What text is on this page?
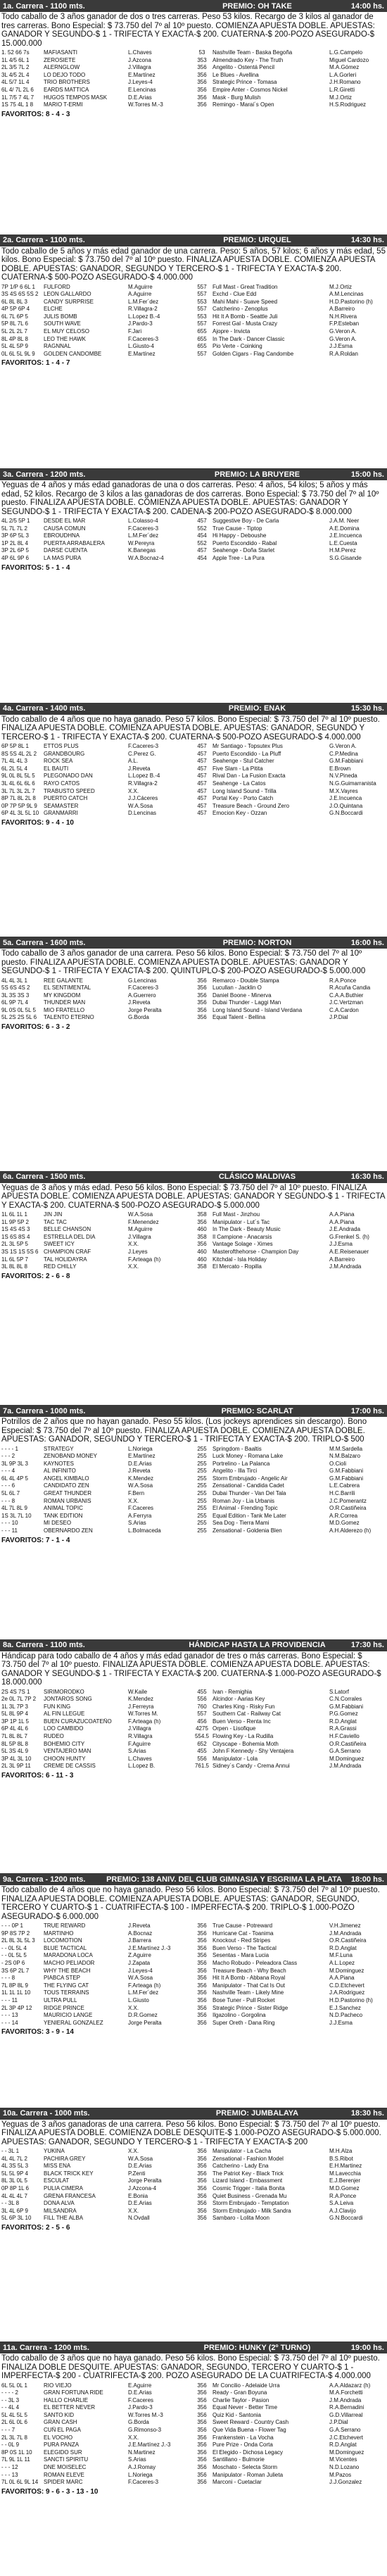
1a. Carrera - 1100 mts.	PREMIO: OH TAKE	14:00 hs.
Todo caballo de 3 años ganador de dos o tres carreras. Peso 53 kilos. Recargo de 3 kilos al ganador de tres carreras. Bono Especial: $ 73.750 del 7º al 10º puesto. COMIENZA APUESTA DOBLE. APUESTAS: GANADOR Y SEGUNDO-$ 1 - TRIFECTA Y EXACTA-$ 200. CUATERNA-$ 200-POZO ASEGURADO-$ 15.000.000
1. 52 66 7s	MAFIASANTI	L.Chaves	53	Nashville Team - Baska Begoña	L.G.Campelo
1L 4/5 6L 1	ZEROSIETE	J.Azcona	353	Almendrado Key - The Truth	Miguel Cardozo
2L 3/5 7L 2	ALERNGLOW	J.Villagra	356	Angelito - Ostentá Pencil	M.A.Gómez
3L 4/5 2L 4	LO DEJO TODO	E.Martínez	356	Le Blues - Avellina	L.A.Gorleri
4L 5/7 1L 4	TRIO BROTHERS	J.Leyes-4	356	Strategic Prince - Tomasa	J.H.Romano
6L 4/ 7L 2L 6	EARDS MATTICA	E.Lencinas	356	Empire Anter - Cosmos Nickel	L.R.Giretti
1L 7/5 7 4L 7	HUGOS TEMPOS MASK	D.E.Arias	356	Mask - Burg Mulish	M.J.Ortiz
1S 75 4L 1 8	MARIO T-ERMI	W.Torres M.-3	356	Remingo - Marai´s Open	H.S.Rodriguez
FAVORITOS: 8 - 4 - 3
2a. Carrera - 1100 mts.	PREMIO: URQUEL	14:30 hs.
Todo caballo de 5 años y más edad ganador de una carrera. Peso: 5 años, 57 kilos; 6 años y más edad, 55 kilos. Bono Especial: $ 73.750 del 7º al 10º puesto. FINALIZA APUESTA DOBLE. COMIENZA APUESTA DOBLE. APUESTAS: GANADOR, SEGUNDO Y TERCERO-$ 1 - TRIFECTA Y EXACTA-$ 200. CUATERNA-$ 500-POZO ASEGURADO-$ 4.000.000
7P 1/P 6 6L 1	FULFORD	M.Aguirre	557	Full Mast - Great Tradition	M.J.Ortiz
3S 4S 6S 5S 2 LEON GALLARDO	A.Aguirre	557	Exchd - Clue Edd	A.M.Lencinas
6L 8L 8L 3	CANDY SURPRISE	L.M.Fer´dez	553	Mahi Mahi - Suave Speed	H.D.Pastorino (h)
4P 5P 6P 4	ELCHE	R.Villagra-2	557	Catcherino - Zenoplus	A.Barreiro
6L 7L 6P 5	JULIS BOMB	L.Lopez B.-4	553	Hit It A Bomb - Seattle Juli	N.H.Rivera
5P 8L 7L 6	SOUTH WAVE	J.Pardo-3	557	Forrest Gal - Musta Crazy	F.P.Esteban
5L 2L 2L 7	EL MUY CELOSO	F.Jari	655	Ajopre - Invicta	G.Veron A.
8L 4P 8L 8	LEO THE HAWK	F.Caceres-3	655	In The Dark - Dancer Classic	G.Veron A.
5L 4L 5P 9	RAGNNAL	L.Giusto-4	655	Pio Verte - Coinking	J.J.Esma
0L 6L 5L 9L 9	GOLDEN CANDOMBE	E.Martínez	557	Golden Cigars - Flag Candombe	R.A.Roldan
FAVORITOS: 1 - 4 - 7
3a. Carrera - 1200 mts.	PREMIO: LA BRUYERE	15:00 hs.
Yeguas de 4 años y más edad ganadoras de una o dos carreras. Peso: 4 años, 54 kilos; 5 años y más edad, 52 kilos. Recargo de 3 kilos a las ganadoras de dos carreras. Bono Especial: $ 73.750 del 7º al 10º puesto. FINALIZA APUESTA DOBLE. COMIENZA APUESTA DOBLE. APUESTAS: GANADOR Y SEGUNDO-$ 1 - TRIFECTA Y EXACTA-$ 200. CADENA-$ 200-POZO ASEGURADO-$ 8.000.000
4L 2/5 5P 1	DESDE EL MAR	L.Colasso-4	457	Suggestive Boy - De Carla	J.A.M. Neer
5L 7L 7L 2	CAUSA COMUN	F.Caceres-3	552	True Cause - Tiptop	A.E.Domina
3P 6P 5L 3	EBROUDHNA	L.M.Fer´dez	454	Hi Happy - Deboushe	J.E.Incuenca
1P 2L 8L 4	PUERTA ARRABALERA	W.Pereyra	552	Puerto Escondido - Rabal	L.E.Cuesta
3P 2L 6P 5	DARSE CUENTA	K.Banegas	457	Seahenge - Doña Starlet	H.M.Perez
4P 6L 9P 6	LA MAS PURA	W.A.Bocnaz-4	454	Apple Tree - La Pura	S.G.Gisande
FAVORITOS: 5 - 1 - 4
4a. Carrera - 1400 mts.	PREMIO: ENAK	15:30 hs.
Todo caballo de 4 años que no haya ganado. Peso 57 kilos. Bono Especial: $ 73.750 del 7º al 10º puesto. FINALIZA APUESTA DOBLE. COMIENZA APUESTA DOBLE. APUESTAS: GANADOR, SEGUNDO Y TERCERO-$ 1 - TRIFECTA Y EXACTA-$ 200. CUATERNA-$ 500-POZO ASEGURADO-$ 4.000.000
6P 5P 8L 1	ETTOS PLUS	F.Caceres-3	457	Mr Santiago - Topsutex Plus	G.Veron A.
8S 5S 4L 2L 2	GRANDBOURG	C.Perez G.	457	Puerto Escondido - La Pluff	C.P.Medina
7L 4L 4L 3	ROCK SEA	A.L.	457	Seahenge - Stul Catcher	G.M.Fabbiani
6L 2L 5L 4	EL BAUTI	J.Reveta	457	Five Slam - La Pitita	E.Brown
9L 0L 8L 5L 5	PLEGONADO DAN	L.Lopez B.-4	457	Rival Dan - La Fusion Exacta	N.V.Pineda
3L 4L 6L 6L 6	RAYO CATOS	R.Villagra-2	457	Seahenge - La Catos	N.G.Guimarranista
3L 7L 3L 2L 7	TRABUSTO SPEED	X.X.	457	Long Island Sound - Trilla	M.X.Vayres
8P 7L 8L 2L 8	PUERTO CATCH	J.J.Cáceres	457	Portal Key - Porto Catch	J.E.Incuenca
0P 7P 5P 9L 9	SEAMASTER	W.A.Sosa	457	Treasure Beach - Ground Zero	J.O.Quintana
6P 4L 3L 5L 10 GRANMARRI	D.Lencinas	457	Emocion Key - Ozzan	G.N.Boccardi
FAVORITOS: 9 - 4 - 10
5a. Carrera - 1600 mts.	PREMIO: NORTON	16:00 hs.
Todo caballo de 3 años ganador de una carrera. Peso 56 kilos. Bono Especial: $ 73.750 del 7º al 10º puesto. FINALIZA APUESTA DOBLE. COMIENZA APUESTA DOBLE. APUESTAS: GANADOR Y SEGUNDO-$ 1 - TRIFECTA Y EXACTA-$ 200. QUINTUPLO-$ 200-POZO ASEGURADO-$ 5.000.000
4L 4L 3L 1	REE GALANTE	G.Lencinas	356	Remarco - Double Stampa	R.A.Ponce
5S 6S 4S 2	EL SENTIMENTAL	F.Caceres-3	356	Lucullan - Jacklin O	R.Acuña Candia
3L 3S 3S 3	MY KINGDOM	A.Guerrero	356	Daniel Boone - Minerva	C.A.A.Buthier
6L 9P 7L 4	THUNDER MAN	J.Reveta	356	Dubai Thunder - Laggi Man	J.C.Vertzman
9L 0S 0L 5L 5	MIO FRATELLO	Jorge Peralta	356	Long Island Sound - Island Verdana	C.A.Cardon
5L 2S 2S 5L 6	TALENTO ETERNO	G.Borda	356	Equal Talent - Bellina	J.P.Dial
FAVORITOS: 6 - 3 - 2
6a. Carrera - 1500 mts.	CLÁSICO MALDIVAS	16:30 hs.
Yeguas de 3 años y más edad. Peso 56 kilos. Bono Especial: $ 73.750 del 7º al 10º puesto. FINALIZA APUESTA DOBLE. COMIENZA APUESTA DOBLE. APUESTAS: GANADOR Y SEGUNDO-$ 1 - TRIFECTA Y EXACTA-$ 200. CUATERNA-$ 500-POZO ASEGURADO-$ 5.000.000
1L 6L 1L 1	JIN JIN	W.A.Sosa	358	Full Mast - Jinzhou	A.A.Piana
1L 9P 5P 2	TAC TAC	F.Menendez	356	Manipulator - Lut´s Tac	A.A.Piana
1S 4S 4S 3	BELLE CHANSON	M.Aguirre	460	In The Dark - Beauty Music	J.E.Andrada
1S 6S 8S 4	ESTRELLA DEL DIA	J.Villagra	358	Il Campione - Anacarsis	G.Frenkel S. (h)
2L 3L 5P 5	SWEET ICY	X.X.	356	Vantage Solage - Ximes	J.J.Esma
3S 1S 1S 5S 6 CHAMPION CRAF	J.Leyes	460	Masterofthehorse - Champion Day	A.E.Reisenauer
1L 6L 5P 7	TAL HOLIDAYRA	F.Arteaga (h)	460	Kitchdal - Isla Holiday	A.Barreiro
3L 8L 8L 8	RED CHILLY	X.X.	358	El Mercato - Ropilla	J.M.Andrada
FAVORITOS: 2 - 6 - 8
7a. Carrera - 1000 mts.	PREMIO: SCARLAT	17:00 hs.
Potrillos de 2 años que no hayan ganado. Peso 55 kilos. (Los jockeys aprendices sin descargo). Bono Especial: $ 73.750 del 7º al 10º puesto. FINALIZA APUESTA DOBLE. COMIENZA APUESTA DOBLE. APUESTAS: GANADOR, SEGUNDO Y TERCERO-$ 1 - TRIFECTA Y EXACTA-$ 200. TRIPLO-$ 500
- - - - 1	STRATEGY	L.Noriega	255	Springdom - Baaltis	M.M.Sardella
- - - 2	ZENOBAND MONEY	E.Martínez	255	Luck Money - Romana Lake	N.M.Balzaro
3L 9P 3L 3	KAYNOTES	D.E.Arias	255	Portrelino - La Palanca	O.Cioli
- - - 4	AL INFINITO	J.Reveta	255	Angelito - Illa Tirci	G.M.Fabbiani
6L 4L 4P 5	ANGEL KIMBALO	K.Mendez	255	Storm Embrujado - Angelic Air	G.M.Fabbiani
- - - 6	CANDIDATO ZEN	W.A.Sosa	255	Zensational - Candida Cadet	L.E.Cabrera
5L 6L 7	GREAT THUNDER	F.Bern	255	Dubai Thunder - Van Del Tala	H.C.Barrili
- - - 8	ROMAN URBANIS	X.X.	255	Roman Joy - Lia Urbanis	J.C.Pomerantz
4L 7L 8L 9	ANIMAL TOPIC	F.Caceres	255	El Animal - Frending Topic	O.R.Castiñeira
1S 3L 7L 10	TANK EDITION	A.Ferryra	255	Equal Edition - Tank Me Later	A.R.Correa
- - - 10	MI DESEO	S.Arias	255	Sea Dog - Tierra Mami	M.D.Gomez
- - - 11	OBERNARDO ZEN	L.Bolmaceda	255	Zensational - Goldenia Blen	A.H.Alderezo (h)
FAVORITOS: 7 - 1 - 4
8a. Carrera - 1100 mts.	HÁNDICAP HASTA LA PROVIDENCIA	17:30 hs.
Hándicap para todo caballo de 4 años y más edad ganador de tres o más carreras. Bono Especial: $ 73.750 del 7º al 10º puesto. FINALIZA APUESTA DOBLE. COMIENZA APUESTA DOBLE. APUESTAS: GANADOR Y SEGUNDO-$ 1 - TRIFECTA Y EXACTA-$ 200. CUATERNA-$ 1.000-POZO ASEGURADO-$ 18.000.000
2S 4S 7S 1	SIRIMORODKO	W.Kaile	455	Ivan - Remighia	S.Latorf
2e 0L 7L 7P 2	JONTAROS SONG	K.Mendez	556	Alcindor - Aarias Key	C.N.Corrales
1L 3L 7P 3	FUN KING	J.Ferreyra	760	Charles King - Risky Fun	G.M.Fabbiani
5L 8L 9P 4	AL FIN LLEGUE	W.Torres M.	557	Southern Cat - Railway Cat	P.G.Gomez
3P 1P 1L 5	BUEN CURAZUCOATEÑO	F.Arteaga (h)	456	Buen Verso - Renta Inc	R.D.Anglat
6P 4L 4L 6	LOO CAMBIDO	J.Villagra	4275 Orpen - Lisofique	R.A.Grassi
7L 8L 8L 7	RUDEO	R.Villagra	554.5 Flowing Key - La Rudilla	H.F.Caviello
8L 5P 8L 8	BOHEMIO CITY	F.Aguirre	652	Cityscape - Bohemia Moth	O.R.Castiñeira
5L 3S 4L 9	VENTAJERO MAN	S.Arias	455	John F Kennedy - Shy Ventajera	G.A.Serrano
3P 4L 3L 10	CHOON HUNTY	L.Chaves	556	Manipulator - Lola	M.Dominguez
2L 3L 9P 11	CREME DE CASSIS	L.Lopez B.	761.5 Sidney´s Candy - Crema Annui	J.M.Andrada
FAVORITOS: 6 - 11 - 3
9a. Carrera - 1200 mts.	PREMIO: 138 ANIV. DEL CLUB GIMNASIA Y ESGRIMA LA PLATA	18:00 hs.
Todo caballo de 4 años que no haya ganado. Peso 56 kilos. Bono Especial: $ 73.750 del 7º al 10º puesto. FINALIZA APUESTA DOBLE. COMIENZA APUESTA DOBLE. APUESTAS: GANADOR, SEGUNDO, TERCERO Y CUARTO-$ 1 - CUATRIFECTA-$ 100 - IMPERFECTA-$ 200. TRIPLO-$ 1.000-POZO ASEGURADO-$ 6.000.000
- - - 0P 1	TRUE REWARD	J.Reveta	356	True Cause - Potreward	V.H.Jimenez
9P 8S 7P 2	MARTINHO	A.Bocnaz	356	Hurricane Cat - Toanima	J.M.Andrada
2L 8L 3L 5L 3	LOCOMOTION	J.Barrera	356	Knockout - Red Stripes	O.R.Castiñeira
- - 0L 5L 4	BLUE TACTICAL	J.E.Martínez J.-3	356	Buen Verso - The Tactical	R.D.Anglat
- - 0L 5L 5	MARADONA LOCA	Z.Aguirre	356	Sesentas - Mara Lucia	M.F.Luna
- 2S 0P 6	MACHO PELIADOR	J.Zapata	356	Macho Robudo - Peleadora Class	A.L.Lopez
3S 6P 2L 7	WHY THE BEACH	J.Leyes-4	356	Treasure Beach - Why Beach	M.Dominguez
- - - 8	PIABCA STEP	W.A.Sosa	356	Hit It A Bomb - Abbana Royal	A.A.Piana
7L 8P 8L 9	THE FLYING CAT	F.Arteaga (h)	356	Manipulator - That Cat Is Out	C.D.Etchevert
1L 1L 1L 10	TOUS TERRAINS	L.M.Fer´dez	356	Nashville Team - Likely Mine	J.A.Rodriguez
- - - 11	ULTRA PULL	L.Giusto	356	Bose Tuner - Pull Rocket	H.D.Pastorino (h)
2L 3P 4P 12	RIDGE PRINCE	X.X.	356	Strategic Prince - Sister Ridge	E.J.Sanchez
- - - 13	MAURICIO LANGE	D.R.Gomez	356	Ilgazolino - Gorgolina	N.D.Pacheco
- - - 14	YENIERAL GONZALEZ	Jorge Peralta	356	Super Oreth - Dana Ring	J.J.Esma
FAVORITOS: 3 - 9 - 14
10a. Carrera - 1000 mts.	PREMIO: JUMBALAYA	18:30 hs.
Yeguas de 3 años ganadoras de una carrera. Peso 56 kilos. Bono Especial: $ 73.750 del 7º al 10º puesto. FINALIZA APUESTA DOBLE. COMIENZA DOBLE DESQUITE-$ 1.000-POZO ASEGURADO-$ 5.000.000. APUESTAS: GANADOR, SEGUNDO Y TERCERO-$ 1 - TRIFECTA Y EXACTA-$ 200
- - 3L 1	YUKINA	X.X.	356	Manipulator - La Cacha	M.H.Alza
4L 4L 7L 2	PACHIRA GREY	W.A.Sosa	356	Zensational - Fashion Model	B.S.Ribot
4L 3S 5L 3	MISS ENA	D.E.Arias	356	Catcherino - Lady Ena	E.H.Martinez
5L 5L 9P 4	BLACK TRICK KEY	P.Zenti	356	The Patriot Key - Black Trick	M.Lavecchia
8L 3L 0L 5	ESCULAT	Jorge Peralta	356	Lizard Island - Embassment	E.J.Berenjer
0P 8P 1L 6	PULIA CIMERA	J.Azcona-4	356	Cosmic Trigger - Italia Bonita	M.D.Gomez
4L 4L 4L 7	GRENA FRANCESA	E.Bonia	356	Quiet Business - Grenada Mu	R.A.Ponce
- - 3L 8	DONA ALVA	D.E.Arias	356	Storm Embrujado - Temptation	S.A.Leiva
3L 4L 6P 9	MILSANDRA	X.X.	356	Storm Embrujado - Milk Sandra	A.J.Clavijo
5L 6P 3L 10	FILL THE ALBA	N.Ovdall	356	Sambaro - Lolita Moon	G.N.Boccardi
FAVORITOS: 2 - 5 - 6
11a. Carrera - 1200 mts.	PREMIO: HUNKY (2º TURNO)	19:00 hs.
Todo caballo de 3 años que no haya ganado. Peso 56 kilos. Bono Especial: $ 73.750 del 7º al 10º puesto. FINALIZA DOBLE DESQUITE. APUESTAS: GANADOR, SEGUNDO, TERCERO Y CUARTO-$ 1 - IMPERFECTA-$ 200 - CUATRIFECTA-$ 200. POZO ASEGURADO DE LA CUATRIFECTA-$ 4.000.000
6L 5L 0L 1	RIO VIEJO	E.Aguirre	356	Mr Concilio - Adelaide Urra	A.A.Aldazarz (h)
- - - - 2	GRAN FORTUNA RIDE	D.E.Arias	356	Ready - Gran Boyuna	M.A.Forchetti
- - 3L 3	HALLO CHARLIE	F.Caceres	356	Charlie Taylor - Pasion	J.M.Andrada
- - 4L 4	EL BETTER NEVER	J.Pardo-3	356	Equal Never - Better Time	R.A.Bernadini
5L 4L 5L 5	SANTO KID	W.Torres M.-3	356	Quiz Kid - Santonia	G.D.Villarreal
2L 6L 0L 6	GRAN CASH	G.Borda	356	Sweet Reward - Country Cash	J.P.Dial
- - - 7	CUÑ EL PAGA	G.Rimonso-3	356	Que Vida Buena - Flower Tag	G.A.Serrano
2L 3L 7L 8	EL VOCHO	X.X.	356	Frankenstein - La Vocha	J.C.Etchevert
- - 0L 9	PURA PANZA	J.E.Martínez J.-3	356	Pure Prize - Onda Corta	R.D.Anglat
8P 0S 1L 10	ELEGIDO SUR	N.Martinez	356	El Elegido - Dichosa Legacy	M.Dominguez
7L 9L 1L 11	SANCTI SPIRITU	S.Arias	356	Santillano - Bulmorie	M.Vicentes
- - - 12	DNE MOISELEC	A.J.Romay	356	Moschato - Selecta Storm	N.D.Lozano
- - - 13	ROMAN ELEVE	L.Noriega	356	Manipulator - Roman Julieta	M.Pazos
7L 0L 6L 9L 14 SPIDER MARC	F.Caceres-3	356	Marconi - Cuetaclar	J.J.Gonzalez
FAVORITOS: 9 - 6 - 3 - 13 - 10
